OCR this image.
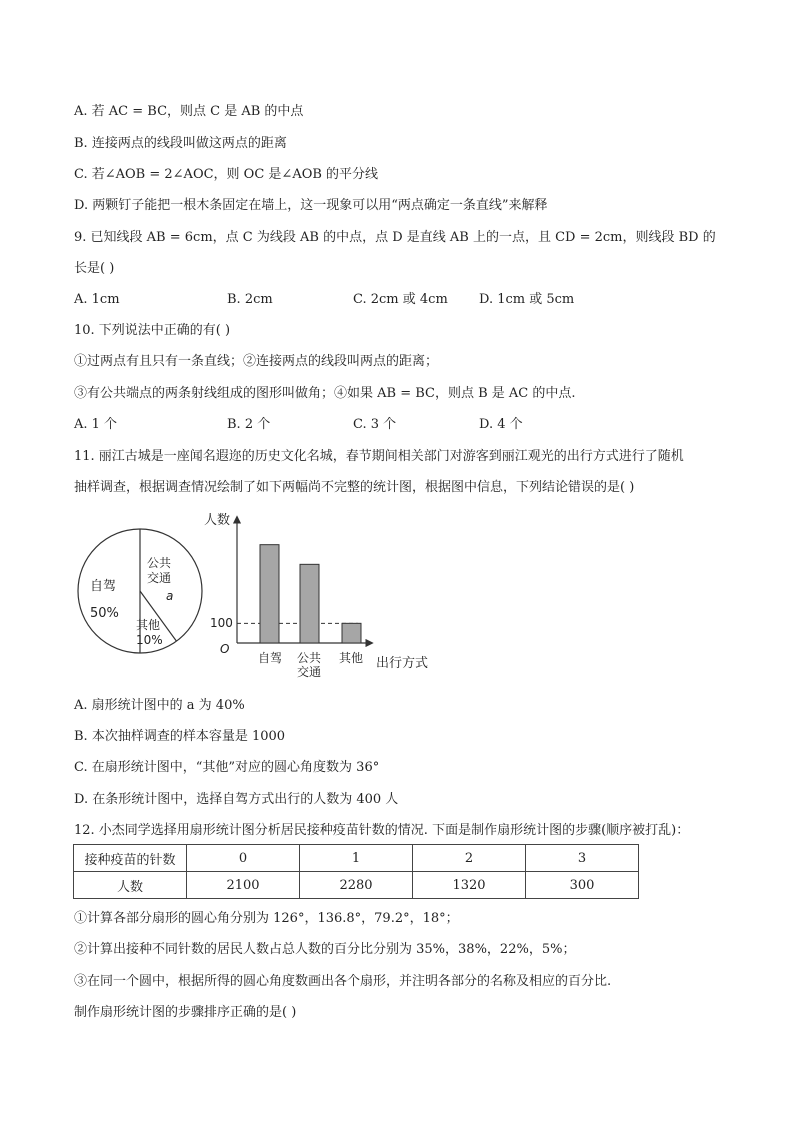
A. 若 AC = BC，则点 C 是 AB 的中点
B. 连接两点的线段叫做这两点的距离
C. 若∠AOB = 2∠AOC，则 OC 是∠AOB 的平分线
D. 两颗钉子能把一根木条固定在墙上，这一现象可以用“两点确定一条直线”来解释
9. 已知线段 AB = 6cm，点 C 为线段 AB 的中点，点 D 是直线 AB 上的一点，且 CD = 2cm，则线段 BD 的
长是( )
A. 1cm	B. 2cm	C. 2cm 或 4cm D. 1cm 或 5cm
10. 下列说法中正确的有( )
①过两点有且只有一条直线；②连接两点的线段叫两点的距离；
③有公共端点的两条射线组成的图形叫做角；④如果 AB = BC，则点 B 是 AC 的中点.
A. 1 个	B. 2 个	C. 3 个	D. 4 个
11. 丽江古城是一座闻名遐迩的历史文化名城，春节期间相关部门对游客到丽江观光的出行方式进行了随机
抽样调查，根据调查情况绘制了如下两幅尚不完整的统计图，根据图中信息，下列结论错误的是( )
自驾
50%
公共
交通
a
其他
10%
人数
出行方式
O
100
自驾 公共
交通
其他
A. 扇形统计图中的 a 为 40%
B. 本次抽样调查的样本容量是 1000
C. 在扇形统计图中，“其他”对应的圆心角度数为 36°
D. 在条形统计图中，选择自驾方式出行的人数为 400 人
12. 小杰同学选择用扇形统计图分析居民接种疫苗针数的情况. 下面是制作扇形统计图的步骤(顺序被打乱)：
接种疫苗的针数	0	1	2	3
人数	2100	2280	1320	300
①计算各部分扇形的圆心角分别为 126°，136.8°，79.2°，18°；
②计算出接种不同针数的居民人数占总人数的百分比分别为 35%，38%，22%，5%；
③在同一个圆中，根据所得的圆心角度数画出各个扇形，并注明各部分的名称及相应的百分比.
制作扇形统计图的步骤排序正确的是( )
